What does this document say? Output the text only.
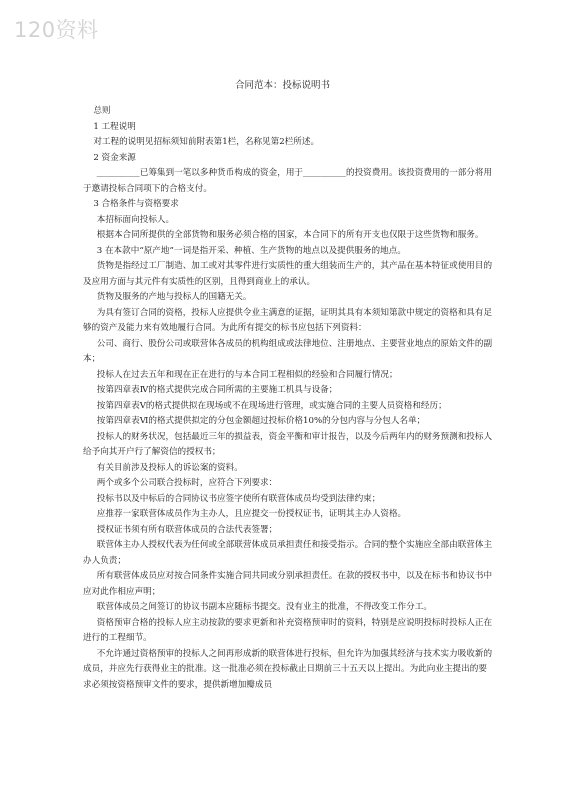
120资料
合同范本：投标说明书

总则

1 工程说明

对工程的说明见招标须知前附表第1栏，名称见第2栏所述。

2 资金来源

__________已筹集到一笔以多种货币构成的资金，用于__________的投资费用。该投资费用的一部分将用于邀请投标合同项下的合格支付。

3 合格条件与资格要求

本招标面向投标人。

根据本合同所提供的全部货物和服务必须合格的国家，本合同下的所有开支也仅限于这些货物和服务。

3 在本款中“原产地”一词是指开采、种植、生产货物的地点以及提供服务的地点。

货物是指经过工厂制造、加工或对其零件进行实质性的重大组装而生产的，其产品在基本特征或使用目的及应用方面与其元件有实质性的区别，且得到商业上的承认。

货物及服务的产地与投标人的国籍无关。

为具有签订合同的资格，投标人应提供令业主满意的证据，证明其具有本须知第款中规定的资格和具有足够的资产及能力来有效地履行合同。为此所有提交的标书应包括下列资料：

公司、商行、股份公司或联营体各成员的机构组成或法律地位、注册地点、主要营业地点的原始文件的副本；

投标人在过去五年和现在正在进行的与本合同工程相似的经验和合同履行情况；

按第四章表Ⅳ的格式提供完成合同所需的主要施工机具与设备；

按第四章表Ⅴ的格式提供拟在现场或不在现场进行管理，或实施合同的主要人员资格和经历；

按第四章表Ⅵ的格式提供拟定的分包金额超过投标价格10%的分包内容与分包人名单；

投标人的财务状况，包括最近三年的损益表，资金平衡和审计报告，以及今后两年内的财务预测和投标人给予向其开户行了解资信的授权书；

有关目前涉及投标人的诉讼案的资料。

两个或多个公司联合投标时，应符合下列要求：

投标书以及中标后的合同协议书应签字使所有联营体成员均受到法律约束；

应推荐一家联营体成员作为主办人，且应提交一份授权证书，证明其主办人资格。

授权证书须有所有联营体成员的合法代表签署；

联营体主办人授权代表为任何或全部联营体成员承担责任和接受指示。合同的整个实施应全部由联营体主办人负责；

所有联营体成员应对按合同条件实施合同共同或分别承担责任。在款的授权书中，以及在标书和协议书中应对此作相应声明；

联营体成员之间签订的协议书副本应随标书提交。没有业主的批准，不得改变工作分工。

资格预审合格的投标人应主动按款的要求更新和补充资格预审时的资料，特别是应说明投标时投标人正在进行的工程细节。

不允许通过资格预审的投标人之间再形成新的联营体进行投标，但允许为加强其经济与技术实力吸收新的成员，并应先行获得业主的批准。这一批准必须在投标截止日期前三十五天以上提出。为此向业主提出的要求必须按资格预审文件的要求，提供新增加瓣成员
